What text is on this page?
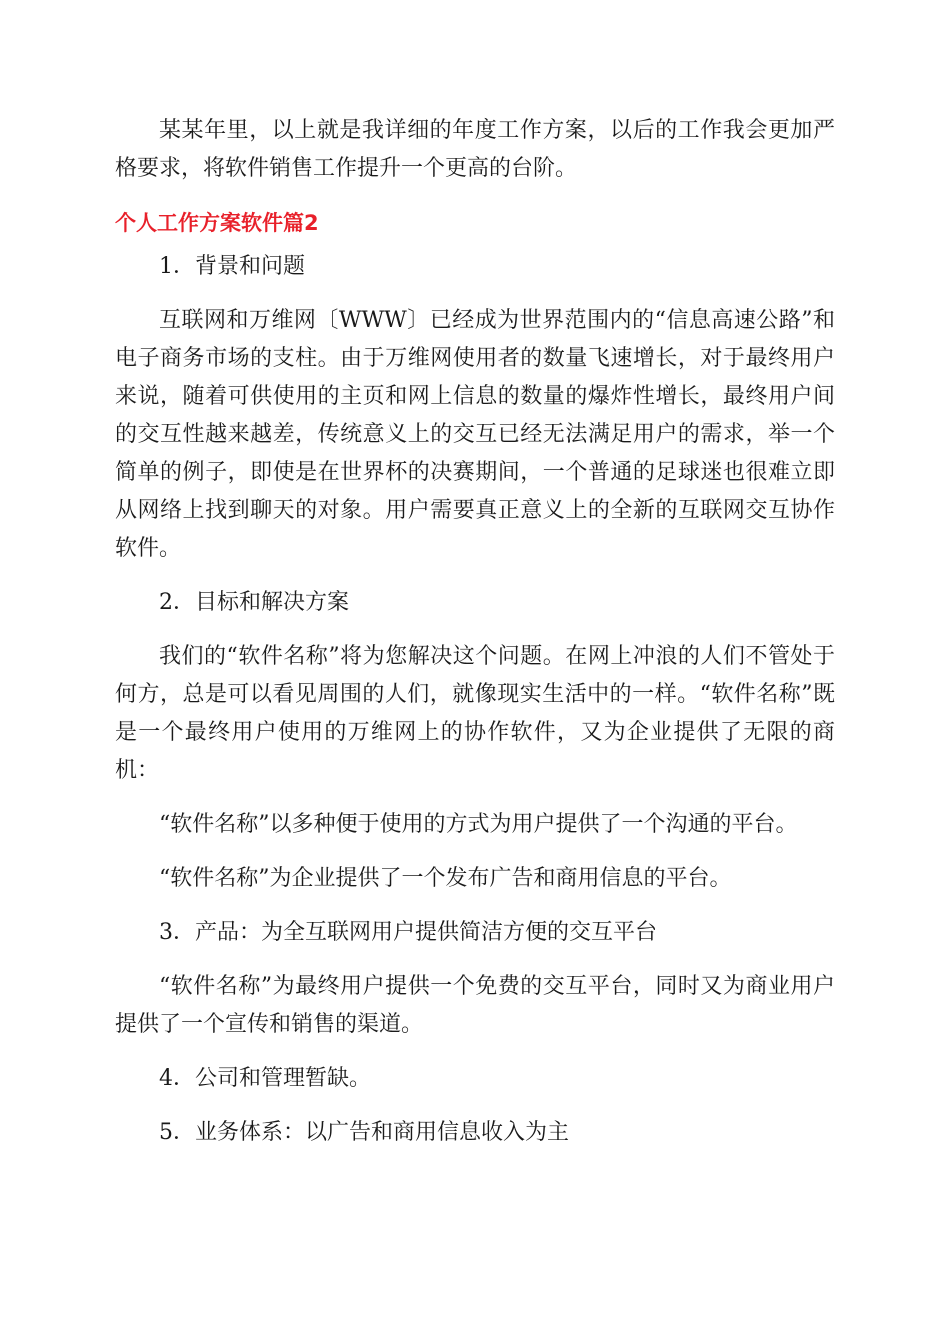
某某年里，以上就是我详细的年度工作方案，以后的工作我会更加严格要求，将软件销售工作提升一个更高的台阶。

个人工作方案软件篇2

1．背景和问题

互联网和万维网〔WWW〕已经成为世界范围内的“信息高速公路”和电子商务市场的支柱。由于万维网使用者的数量飞速增长，对于最终用户来说，随着可供使用的主页和网上信息的数量的爆炸性增长，最终用户间的交互性越来越差，传统意义上的交互已经无法满足用户的需求，举一个简单的例子，即使是在世界杯的决赛期间，一个普通的足球迷也很难立即从网络上找到聊天的对象。用户需要真正意义上的全新的互联网交互协作软件。

2．目标和解决方案

我们的“软件名称”将为您解决这个问题。在网上冲浪的人们不管处于何方，总是可以看见周围的人们，就像现实生活中的一样。“软件名称”既是一个最终用户使用的万维网上的协作软件，又为企业提供了无限的商机：

“软件名称”以多种便于使用的方式为用户提供了一个沟通的平台。

“软件名称”为企业提供了一个发布广告和商用信息的平台。

3．产品：为全互联网用户提供简洁方便的交互平台

“软件名称”为最终用户提供一个免费的交互平台，同时又为商业用户提供了一个宣传和销售的渠道。

4．公司和管理暂缺。

5．业务体系：以广告和商用信息收入为主
